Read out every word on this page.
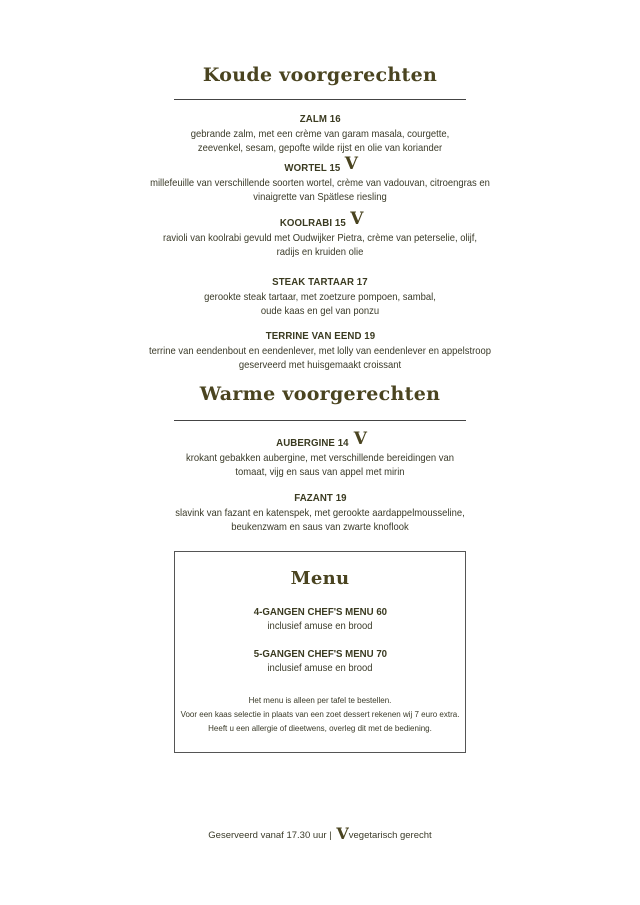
Koude voorgerechten
ZALM 16
gebrande zalm, met een crème van garam masala, courgette,
zeevenkel, sesam, gepofte wilde rijst en olie van koriander
WORTEL 15 V
millefeuille van verschillende soorten wortel, crème van vadouvan, citroengras en
vinaigrette van Spätlese riesling
KOOLRABI 15 V
ravioli van koolrabi gevuld met Oudwijker Pietra, crème van peterselie, olijf,
radijs en kruiden olie
STEAK TARTAAR 17
gerookte steak tartaar, met zoetzure pompoen, sambal,
oude kaas en gel van ponzu
TERRINE VAN EEND 19
terrine van eendenbout en eendenlever, met lolly van eendenlever en appelstroop
geserveerd met huisgemaakt croissant
Warme voorgerechten
AUBERGINE 14 V
krokant gebakken aubergine, met verschillende bereidingen van
tomaat, vijg en saus van appel met mirin
FAZANT 19
slavink van fazant en katenspek, met gerookte aardappelmousseline,
beukenzwam en saus van zwarte knoflook
Menu
4-GANGEN CHEF'S MENU 60
inclusief amuse en brood
5-GANGEN CHEF'S MENU 70
inclusief amuse en brood
Het menu is alleen per tafel te bestellen.
Voor een kaas selectie in plaats van een zoet dessert rekenen wij 7 euro extra.
Heeft u een allergie of dieetwens, overleg dit met de bediening.
Geserveerd vanaf 17.30 uur | Vvegetarisch gerecht
